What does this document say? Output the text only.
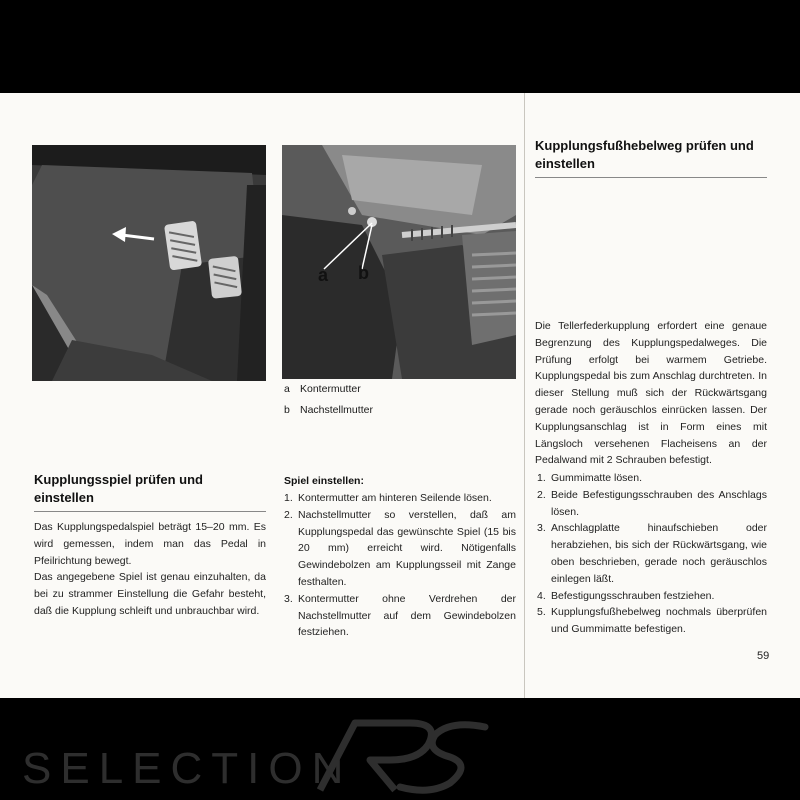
a b
a Kontermutter
b Nachstellmutter
Kupplungsspiel prüfen und
einstellen

Das Kupplungspedalspiel beträgt 15–20 mm. Es wird gemessen, indem man das Pedal in Pfeilrichtung bewegt.

Das angegebene Spiel ist genau einzuhalten, da bei zu strammer Einstellung die Gefahr besteht, daß die Kupplung schleift und unbrauchbar wird.

Spiel einstellen:
1. Kontermutter am hinteren Seilende lösen.
2. Nachstellmutter so verstellen, daß am Kupplungspedal das gewünschte Spiel (15 bis 20 mm) erreicht wird. Nötigenfalls Gewindebolzen am Kupplungsseil mit Zange festhalten.
3. Kontermutter ohne Verdrehen der Nachstellmutter auf dem Gewindebolzen festziehen.
Kupplungsfußhebelweg prüfen und
einstellen

Die Tellerfederkupplung erfordert eine genaue Begrenzung des Kupplungspedalweges. Die Prüfung erfolgt bei warmem Getriebe. Kupplungspedal bis zum Anschlag durchtreten. In dieser Stellung muß sich der Rückwärtsgang gerade noch geräuschlos einrücken lassen. Der Kupplungsanschlag ist in Form eines mit Längsloch versehenen Flacheisens an der Pedalwand mit 2 Schrauben befestigt.

1. Gummimatte lösen.
2. Beide Befestigungsschrauben des Anschlags lösen.
3. Anschlagplatte hinaufschieben oder herabziehen, bis sich der Rückwärtsgang, wie oben beschrieben, gerade noch geräuschlos einlegen läßt.
4. Befestigungsschrauben festziehen.
5. Kupplungsfußhebelweg nochmals überprüfen und Gummimatte befestigen.
59
SELECTION
